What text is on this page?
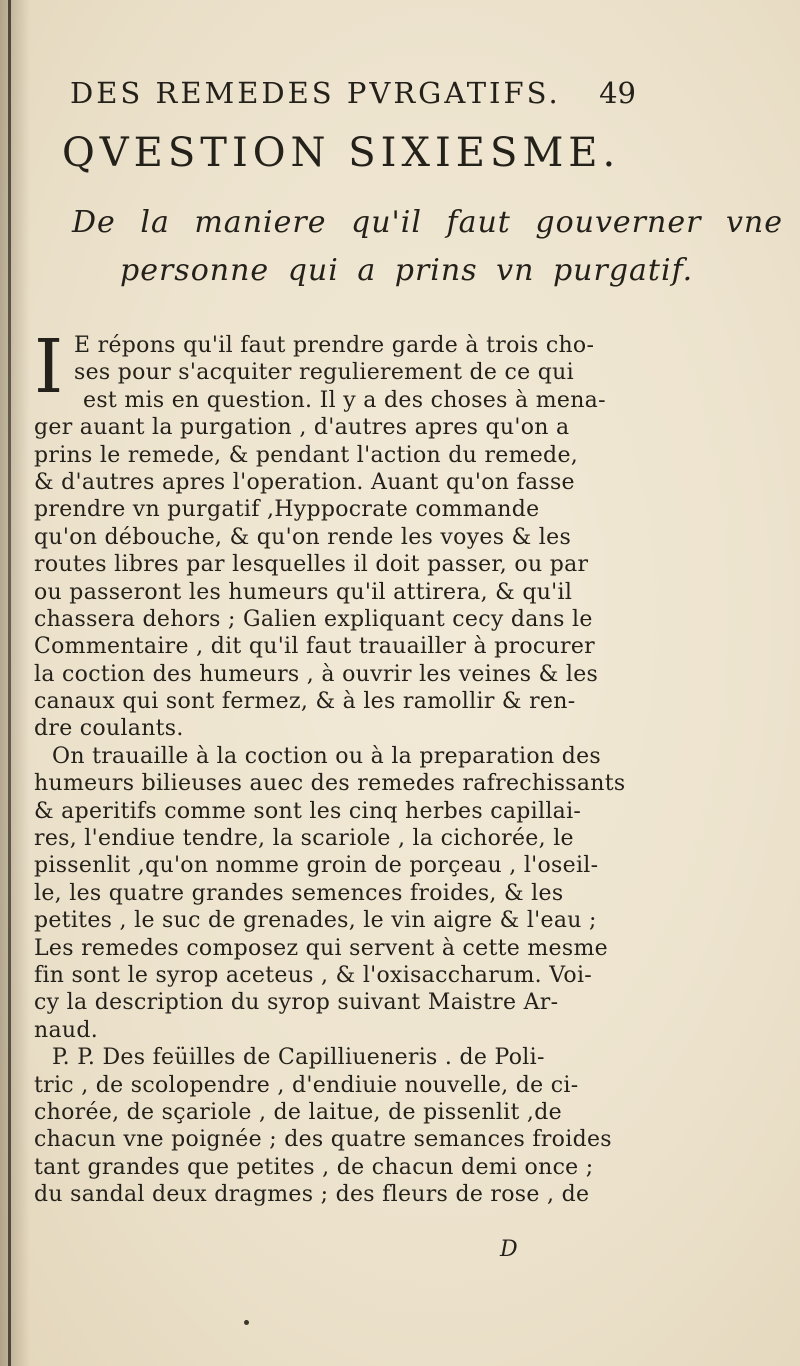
DES REMEDES PVRGATIFS. 49
QVESTION SIXIESME.
De la maniere qu'il faut gouverner vne
personne qui a prins vn purgatif.
I E répons qu'il faut prendre garde à trois cho-
ses pour s'acquiter regulierement de ce qui
est mis en question. Il y a des choses à mena-
ger auant la purgation , d'autres apres qu'on a
prins le remede, & pendant l'action du remede,
& d'autres apres l'operation. Auant qu'on fasse
prendre vn purgatif ,Hyppocrate commande
qu'on débouche, & qu'on rende les voyes & les
routes libres par lesquelles il doit passer, ou par
ou passeront les humeurs qu'il attirera, & qu'il
chassera dehors ; Galien expliquant cecy dans le
Commentaire , dit qu'il faut trauailler à procurer
la coction des humeurs , à ouvrir les veines & les
canaux qui sont fermez, & à les ramollir & ren-
dre coulants.
On trauaille à la coction ou à la preparation des
humeurs bilieuses auec des remedes rafrechissants
& aperitifs comme sont les cinq herbes capillai-
res, l'endiue tendre, la scariole , la cichorée, le
pissenlit ,qu'on nomme groin de porçeau , l'oseil-
le, les quatre grandes semences froides, & les
petites , le suc de grenades, le vin aigre & l'eau ;
Les remedes composez qui servent à cette mesme
fin sont le syrop aceteus , & l'oxisaccharum. Voi-
cy la description du syrop suivant Maistre Ar-
naud.
P. P. Des feüilles de Capilliueneris . de Poli-
tric , de scolopendre , d'endiuie nouvelle, de ci-
chorée, de sçariole , de laitue, de pissenlit ,de
chacun vne poignée ; des quatre semances froides
tant grandes que petites , de chacun demi once ;
du sandal deux dragmes ; des fleurs de rose , de
D
